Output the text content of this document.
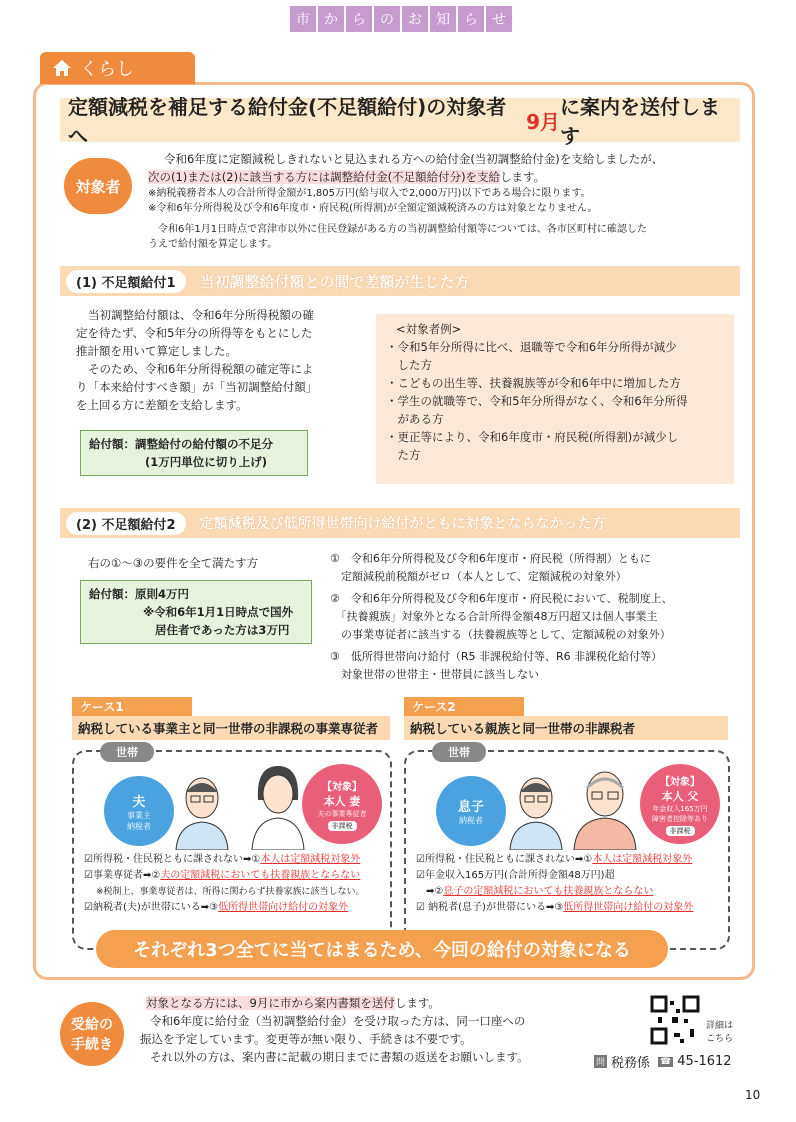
市	か	ら	の	お	知	ら	せ
くらし
定額減税を補足する給付金(不足額給付)の対象者へ
9月
に案内を送付します
対象者
令和6年度に定額減税しきれないと見込まれる方への給付金(当初調整給付金)を支給しましたが、
次の(1)または(2)に該当する方には調整給付金(不足額給付分)を支給します。
※納税義務者本人の合計所得金額が1,805万円(給与収入で2,000万円)以下である場合に限ります。
※令和6年分所得税及び令和6年度市・府民税(所得割)が全額定額減税済みの方は対象となりません。
令和6年1月1日時点で宮津市以外に住民登録がある方の当初調整給付額等については、各市区町村に確認した
うえで給付額を算定します。
(1) 不足額給付1	当初調整給付額との間で差額が生じた方
当初調整給付額は、令和6年分所得税額の確
定を待たず、令和5年分の所得等をもとにした
推計額を用いて算定しました。
そのため、令和6年分所得税額の確定等によ
り「本来給付すべき額」が「当初調整給付額」
を上回る方に差額を支給します。
給付額：調整給付の給付額の不足分
(1万円単位に切り上げ)
<対象者例>
・令和5年分所得に比べ、退職等で令和6年分所得が減少
　した方
・こどもの出生等、扶養親族等が令和6年中に増加した方
・学生の就職等で、令和5年分所得がなく、令和6年分所得
　がある方
・更正等により、令和6年度市・府民税(所得割)が減少し
　た方
(2) 不足額給付2	定額減税及び低所得世帯向け給付がともに対象とならなかった方
右の①～③の要件を全て満たす方
給付額：原則4万円
※令和6年1月1日時点で国外
居住者であった方は3万円
①　令和6年分所得税及び令和6年度市・府民税（所得割）ともに
　定額減税前税額がゼロ（本人として、定額減税の対象外）
②　令和6年分所得税及び令和6年度市・府民税において、税制度上、
　「扶養親族」対象外となる合計所得金額48万円超又は個人事業主
　の事業専従者に該当する（扶養親族等として、定額減税の対象外）
③　低所得世帯向け給付（R5 非課税給付等、R6 非課税化給付等）
　対象世帯の世帯主・世帯員に該当しない
ケース1
納税している事業主と同一世帯の非課税の事業専従者
世帯
夫
事業主
納税者
【対象】
本人 妻
夫の事業専従者
非課税
☑所得税・住民税ともに課されない➡①本人は定額減税対象外
☑事業専従者➡②夫の定額減税においても扶養親族とならない
※税制上、事業専従者は、所得に関わらず扶養家族に該当しない。
☑納税者(夫)が世帯にいる➡③低所得世帯向け給付の対象外
ケース2
納税している親族と同一世帯の非課税者
世帯
息子
納税者
【対象】
本人 父
年金収入165万円
障害者控除等あり
非課税
☑所得税・住民税ともに課されない➡①本人は定額減税対象外
☑年金収入165万円(合計所得金額48万円)超
　➡②息子の定額減税においても扶養親族とならない
☑ 納税者(息子)が世帯にいる➡③低所得世帯向け給付の対象外
それぞれ3つ全てに当てはまるため、今回の給付の対象になる
受給の
手続き
対象となる方には、9月に市から案内書類を送付します。
令和6年度に給付金（当初調整給付金）を受け取った方は、同一口座への
振込を予定しています。変更等が無い限り、手続きは不要です。
それ以外の方は、案内書に記載の期日までに書類の返送をお願いします。
詳細は
こちら
問 税務係 ☎ 45-1612
10
